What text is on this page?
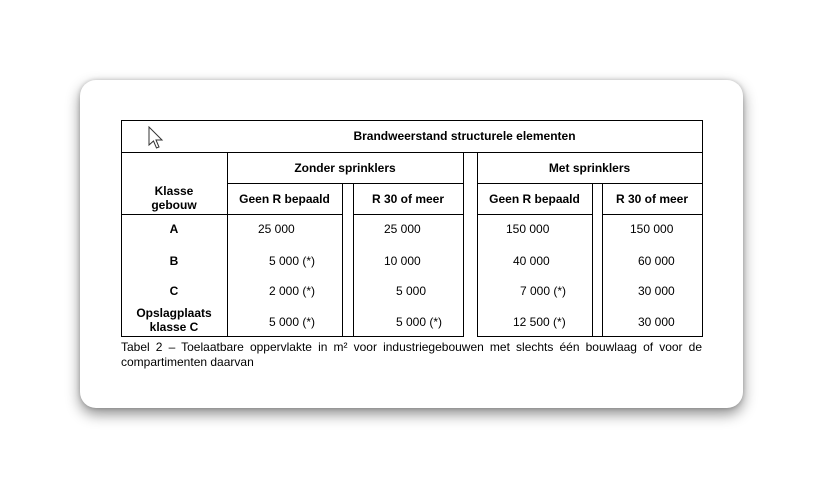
Brandweerstand structurele elementen
Zonder sprinklers	Met sprinklers
Klasse gebouw	Geen R bepaald	R 30 of meer	Geen R bepaald	R 30 of meer
A	25 000	25 000	150 000	150 000
B	5 000 (*)	10 000	40 000	60 000
C	2 000 (*)	5 000	7 000 (*)	30 000
Opslagplaats klasse C	5 000 (*)	5 000 (*)	12 500 (*)	30 000
Tabel 2 – Toelaatbare oppervlakte in m² voor industriegebouwen met slechts één bouwlaag of voor de compartimenten daarvan
